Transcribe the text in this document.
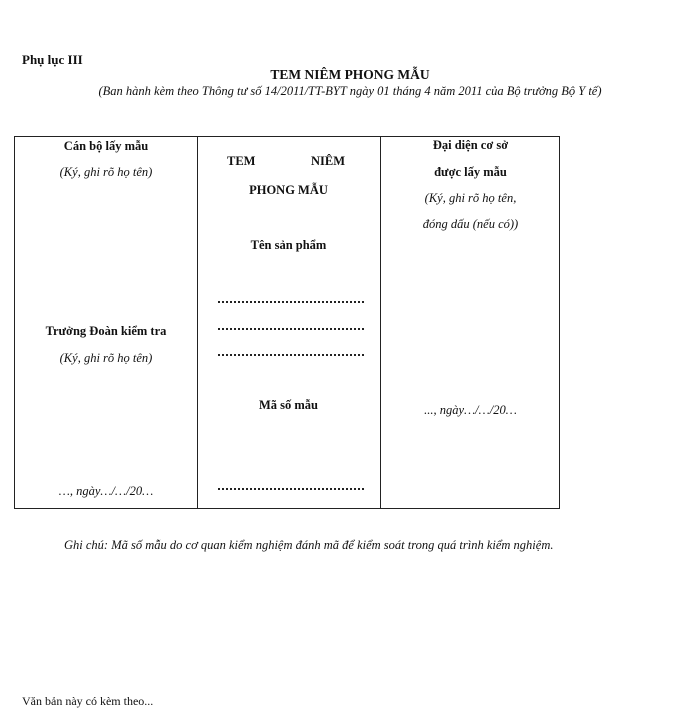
Phụ lục III
TEM NIÊM PHONG MẪU
(Ban hành kèm theo Thông tư số 14/2011/TT-BYT ngày 01 tháng 4 năm 2011 của Bộ trưởng Bộ Y tế)
Cán bộ lấy mẫu
(Ký, ghi rõ họ tên)
Trưởng Đoàn kiểm tra
(Ký, ghi rõ họ tên)
…, ngày…/…/20…
TEM	NIÊM
PHONG MẪU
Tên sản phẩm
Mã số mẫu
Đại diện cơ sở
được lấy mẫu
(Ký, ghi rõ họ tên,
đóng dấu (nếu có))
..., ngày…/…/20…
Ghi chú: Mã số mẫu do cơ quan kiểm nghiệm đánh mã để kiểm soát trong quá trình kiểm nghiệm.
Văn bản này có kèm theo...
